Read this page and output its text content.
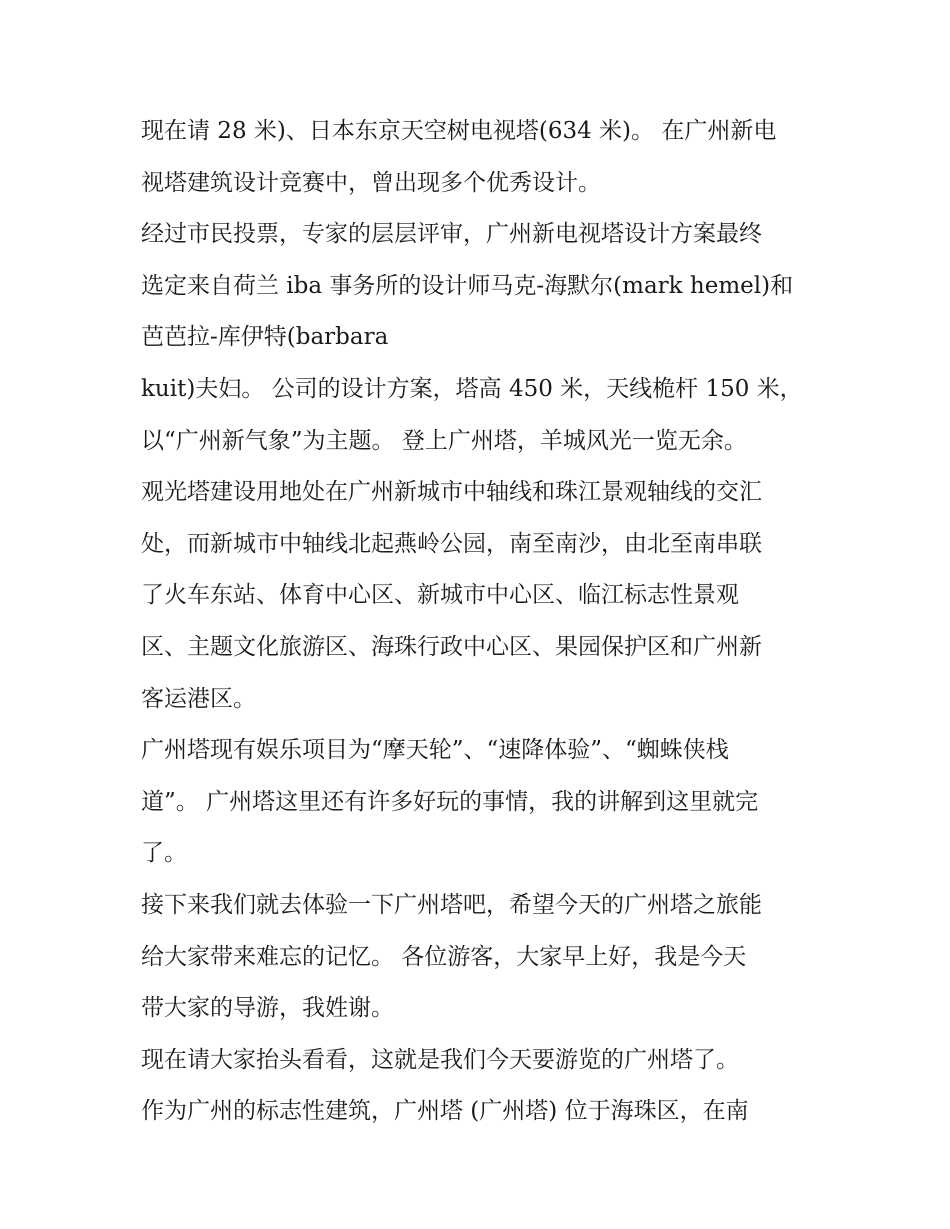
现在请 28 米)、日本东京天空树电视塔(634 米)。 在广州新电
视塔建筑设计竞赛中，曾出现多个优秀设计。
经过市民投票，专家的层层评审，广州新电视塔设计方案最终
选定来自荷兰 iba 事务所的设计师马克-海默尔(mark hemel)和
芭芭拉-库伊特(barbara
kuit)夫妇。 公司的设计方案，塔高 450 米，天线桅杆 150 米，
以“广州新气象”为主题。 登上广州塔，羊城风光一览无余。
观光塔建设用地处在广州新城市中轴线和珠江景观轴线的交汇
处，而新城市中轴线北起燕岭公园，南至南沙，由北至南串联
了火车东站、体育中心区、新城市中心区、临江标志性景观
区、主题文化旅游区、海珠行政中心区、果园保护区和广州新
客运港区。
广州塔现有娱乐项目为“摩天轮”、“速降体验”、“蜘蛛侠栈
道”。 广州塔这里还有许多好玩的事情，我的讲解到这里就完
了。
接下来我们就去体验一下广州塔吧，希望今天的广州塔之旅能
给大家带来难忘的记忆。 各位游客，大家早上好，我是今天
带大家的导游，我姓谢。
现在请大家抬头看看，这就是我们今天要游览的广州塔了。
作为广州的标志性建筑，广州塔 (广州塔) 位于海珠区，在南
